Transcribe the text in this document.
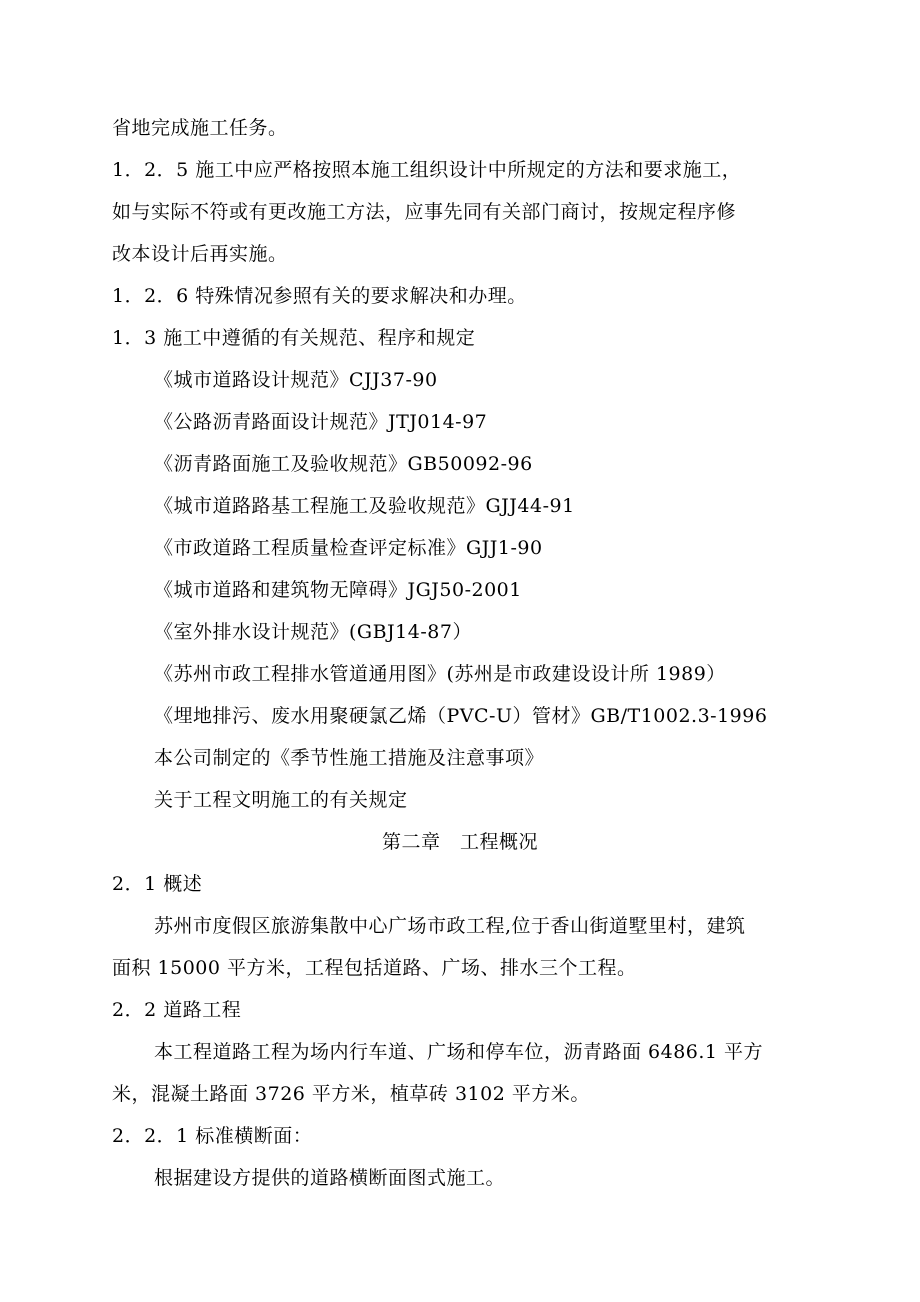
省地完成施工任务。
1．2．5 施工中应严格按照本施工组织设计中所规定的方法和要求施工，
如与实际不符或有更改施工方法，应事先同有关部门商讨，按规定程序修
改本设计后再实施。
1．2．6 特殊情况参照有关的要求解决和办理。
1．3 施工中遵循的有关规范、程序和规定
《城市道路设计规范》CJJ37-90
《公路沥青路面设计规范》JTJ014-97
《沥青路面施工及验收规范》GB50092-96
《城市道路路基工程施工及验收规范》GJJ44-91
《市政道路工程质量检查评定标准》GJJ1-90
《城市道路和建筑物无障碍》JGJ50-2001
《室外排水设计规范》(GBJ14-87）
《苏州市政工程排水管道通用图》(苏州是市政建设设计所 1989）
《埋地排污、废水用聚硬氯乙烯（PVC-U）管材》GB/T1002.3-1996
本公司制定的《季节性施工措施及注意事项》
关于工程文明施工的有关规定
第二章　工程概况
2．1 概述
苏州市度假区旅游集散中心广场市政工程,位于香山街道墅里村，建筑
面积 15000 平方米，工程包括道路、广场、排水三个工程。
2．2 道路工程
本工程道路工程为场内行车道、广场和停车位，沥青路面 6486.1 平方
米，混凝土路面 3726 平方米，植草砖 3102 平方米。
2．2．1 标准横断面：
根据建设方提供的道路横断面图式施工。
